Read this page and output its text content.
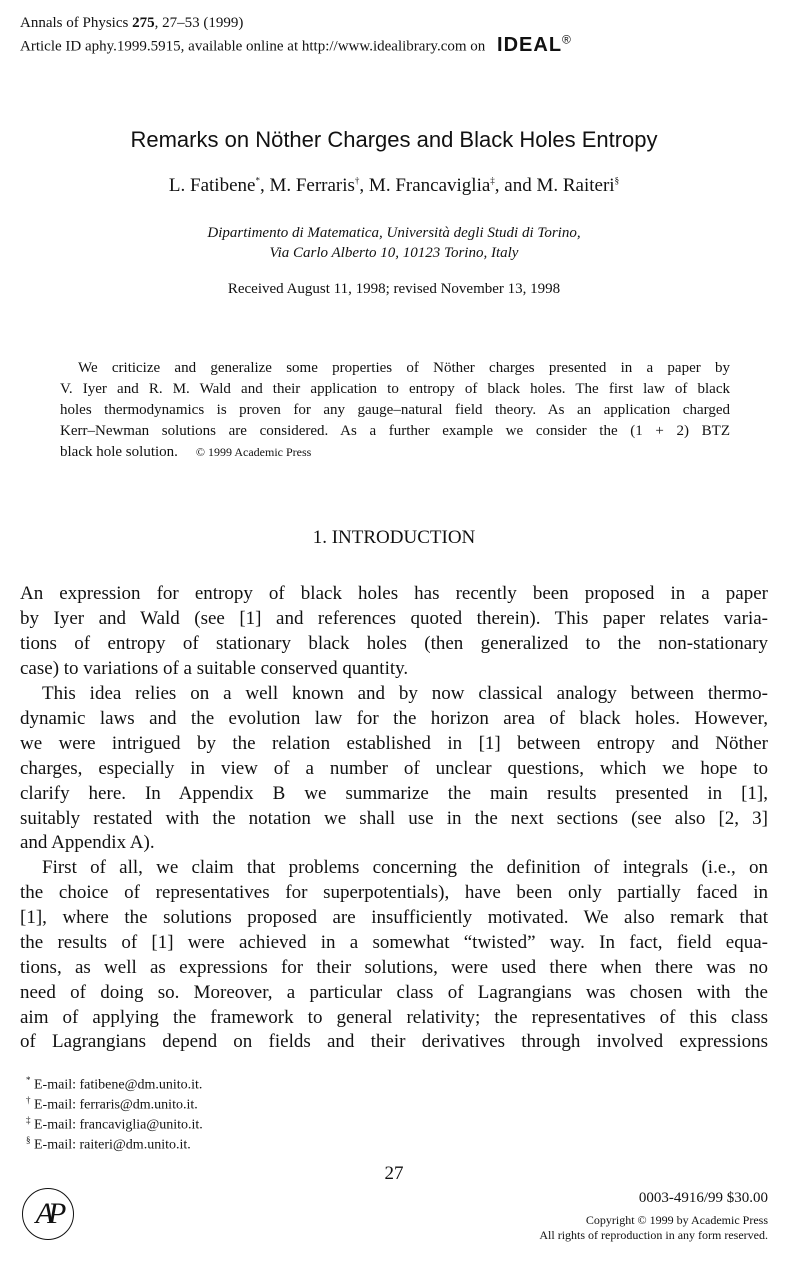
Annals of Physics 275, 27–53 (1999)
Article ID aphy.1999.5915, available online at http://www.idealibrary.com on IDEAL®
Remarks on Nöther Charges and Black Holes Entropy
L. Fatibene*, M. Ferraris†, M. Francaviglia‡, and M. Raiteri§
Dipartimento di Matematica, Università degli Studi di Torino,
Via Carlo Alberto 10, 10123 Torino, Italy
Received August 11, 1998; revised November 13, 1998
We criticize and generalize some properties of Nöther charges presented in a paper by
V. Iyer and R. M. Wald and their application to entropy of black holes. The first law of black
holes thermodynamics is proven for any gauge–natural field theory. As an application charged
Kerr–Newman solutions are considered. As a further example we consider the (1 + 2) BTZ
black hole solution. © 1999 Academic Press
1. INTRODUCTION
An expression for entropy of black holes has recently been proposed in a paper
by Iyer and Wald (see [1] and references quoted therein). This paper relates varia-
tions of entropy of stationary black holes (then generalized to the non-stationary
case) to variations of a suitable conserved quantity.
This idea relies on a well known and by now classical analogy between thermo-
dynamic laws and the evolution law for the horizon area of black holes. However,
we were intrigued by the relation established in [1] between entropy and Nöther
charges, especially in view of a number of unclear questions, which we hope to
clarify here. In Appendix B we summarize the main results presented in [1],
suitably restated with the notation we shall use in the next sections (see also [2, 3]
and Appendix A).
First of all, we claim that problems concerning the definition of integrals (i.e., on
the choice of representatives for superpotentials), have been only partially faced in
[1], where the solutions proposed are insufficiently motivated. We also remark that
the results of [1] were achieved in a somewhat “twisted” way. In fact, field equa-
tions, as well as expressions for their solutions, were used there when there was no
need of doing so. Moreover, a particular class of Lagrangians was chosen with the
aim of applying the framework to general relativity; the representatives of this class
of Lagrangians depend on fields and their derivatives through involved expressions
* E-mail: fatibene@dm.unito.it.
† E-mail: ferraris@dm.unito.it.
‡ E-mail: francaviglia@unito.it.
§ E-mail: raiteri@dm.unito.it.
27
AP	0003-4916/99 $30.00
Copyright © 1999 by Academic Press
All rights of reproduction in any form reserved.
